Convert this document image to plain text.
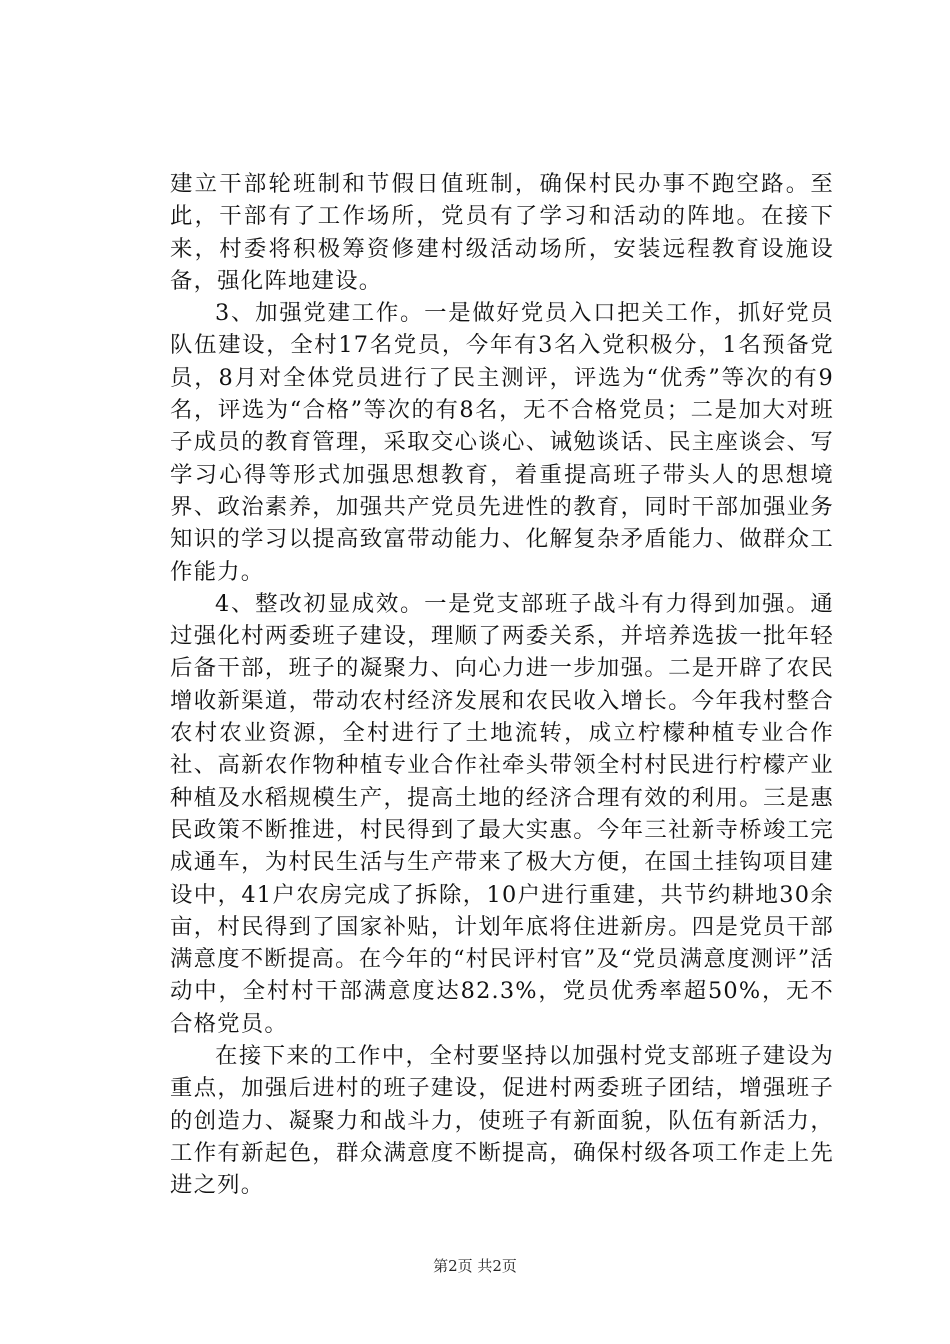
建立干部轮班制和节假日值班制，确保村民办事不跑空路。至此，干部有了工作场所，党员有了学习和活动的阵地。在接下来，村委将积极筹资修建村级活动场所，安装远程教育设施设备，强化阵地建设。

3、加强党建工作。一是做好党员入口把关工作，抓好党员队伍建设，全村17名党员，今年有3名入党积极分，1名预备党员，8月对全体党员进行了民主测评，评选为“优秀”等次的有9名，评选为“合格”等次的有8名，无不合格党员；二是加大对班子成员的教育管理，采取交心谈心、诫勉谈话、民主座谈会、写学习心得等形式加强思想教育，着重提高班子带头人的思想境界、政治素养，加强共产党员先进性的教育，同时干部加强业务知识的学习以提高致富带动能力、化解复杂矛盾能力、做群众工作能力。

4、整改初显成效。一是党支部班子战斗有力得到加强。通过强化村两委班子建设，理顺了两委关系，并培养选拔一批年轻后备干部，班子的凝聚力、向心力进一步加强。二是开辟了农民增收新渠道，带动农村经济发展和农民收入增长。今年我村整合农村农业资源，全村进行了土地流转，成立柠檬种植专业合作社、高新农作物种植专业合作社牵头带领全村村民进行柠檬产业种植及水稻规模生产，提高土地的经济合理有效的利用。三是惠民政策不断推进，村民得到了最大实惠。今年三社新寺桥竣工完成通车，为村民生活与生产带来了极大方便，在国土挂钩项目建设中，41户农房完成了拆除，10户进行重建，共节约耕地30余亩，村民得到了国家补贴，计划年底将住进新房。四是党员干部满意度不断提高。在今年的“村民评村官”及“党员满意度测评”活动中，全村村干部满意度达82.3%，党员优秀率超50%，无不合格党员。

在接下来的工作中，全村要坚持以加强村党支部班子建设为重点，加强后进村的班子建设，促进村两委班子团结，增强班子的创造力、凝聚力和战斗力，使班子有新面貌，队伍有新活力，工作有新起色，群众满意度不断提高，确保村级各项工作走上先进之列。

第2页 共2页
